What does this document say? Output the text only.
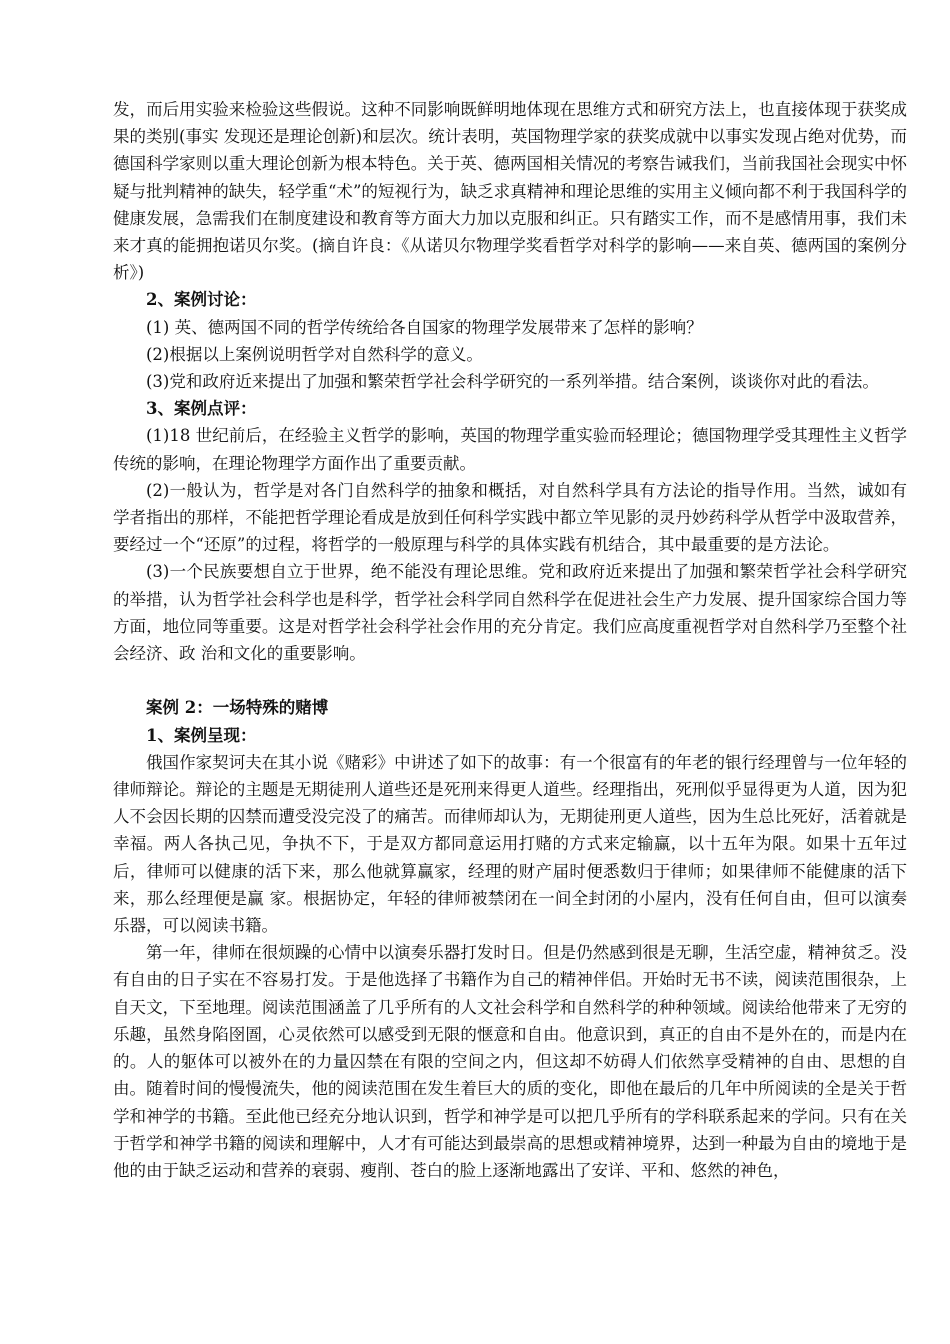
发，而后用实验来检验这些假说。这种不同影响既鲜明地体现在思维方式和研究方法上，也直接体现于获奖成果的类别(事实 发现还是理论创新)和层次。统计表明，英国物理学家的获奖成就中以事实发现占绝对优势，而德国科学家则以重大理论创新为根本特色。关于英、德两国相关情况的考察告诫我们，当前我国社会现实中怀疑与批判精神的缺失，轻学重“术”的短视行为，缺乏求真精神和理论思维的实用主义倾向都不利于我国科学的健康发展，急需我们在制度建设和教育等方面大力加以克服和纠正。只有踏实工作，而不是感情用事，我们未来才真的能拥抱诺贝尔奖。(摘自许良：《从诺贝尔物理学奖看哲学对科学的影响——来自英、德两国的案例分析》)

2、案例讨论：

(1) 英、德两国不同的哲学传统给各自国家的物理学发展带来了怎样的影响？

(2)根据以上案例说明哲学对自然科学的意义。

(3)党和政府近来提出了加强和繁荣哲学社会科学研究的一系列举措。结合案例，谈谈你对此的看法。

3、案例点评：

(1)18 世纪前后，在经验主义哲学的影响，英国的物理学重实验而轻理论；德国物理学受其理性主义哲学传统的影响，在理论物理学方面作出了重要贡献。

(2)一般认为，哲学是对各门自然科学的抽象和概括，对自然科学具有方法论的指导作用。当然，诚如有学者指出的那样，不能把哲学理论看成是放到任何科学实践中都立竿见影的灵丹妙药科学从哲学中汲取营养，要经过一个“还原”的过程，将哲学的一般原理与科学的具体实践有机结合，其中最重要的是方法论。

(3)一个民族要想自立于世界，绝不能没有理论思维。党和政府近来提出了加强和繁荣哲学社会科学研究的举措，认为哲学社会科学也是科学，哲学社会科学同自然科学在促进社会生产力发展、提升国家综合国力等方面，地位同等重要。这是对哲学社会科学社会作用的充分肯定。我们应高度重视哲学对自然科学乃至整个社会经济、政 治和文化的重要影响。

案例 2：一场特殊的赌博

1、案例呈现：

俄国作家契诃夫在其小说《赌彩》中讲述了如下的故事：有一个很富有的年老的银行经理曾与一位年轻的律师辩论。辩论的主题是无期徒刑人道些还是死刑来得更人道些。经理指出，死刑似乎显得更为人道，因为犯人不会因长期的囚禁而遭受没完没了的痛苦。而律师却认为，无期徒刑更人道些，因为生总比死好，活着就是幸福。两人各执己见，争执不下，于是双方都同意运用打赌的方式来定输赢，以十五年为限。如果十五年过后，律师可以健康的活下来，那么他就算赢家，经理的财产届时便悉数归于律师；如果律师不能健康的活下来，那么经理便是赢 家。根据协定，年轻的律师被禁闭在一间全封闭的小屋内，没有任何自由，但可以演奏乐器，可以阅读书籍。

第一年，律师在很烦躁的心情中以演奏乐器打发时日。但是仍然感到很是无聊，生活空虚，精神贫乏。没有自由的日子实在不容易打发。于是他选择了书籍作为自己的精神伴侣。开始时无书不读，阅读范围很杂，上自天文，下至地理。阅读范围涵盖了几乎所有的人文社会科学和自然科学的种种领域。阅读给他带来了无穷的乐趣，虽然身陷囹圄，心灵依然可以感受到无限的惬意和自由。他意识到，真正的自由不是外在的，而是内在的。人的躯体可以被外在的力量囚禁在有限的空间之内，但这却不妨碍人们依然享受精神的自由、思想的自由。随着时间的慢慢流失，他的阅读范围在发生着巨大的质的变化，即他在最后的几年中所阅读的全是关于哲学和神学的书籍。至此他已经充分地认识到，哲学和神学是可以把几乎所有的学科联系起来的学问。只有在关于哲学和神学书籍的阅读和理解中，人才有可能达到最崇高的思想或精神境界，达到一种最为自由的境地于是他的由于缺乏运动和营养的衰弱、瘦削、苍白的脸上逐渐地露出了安详、平和、悠然的神色，
